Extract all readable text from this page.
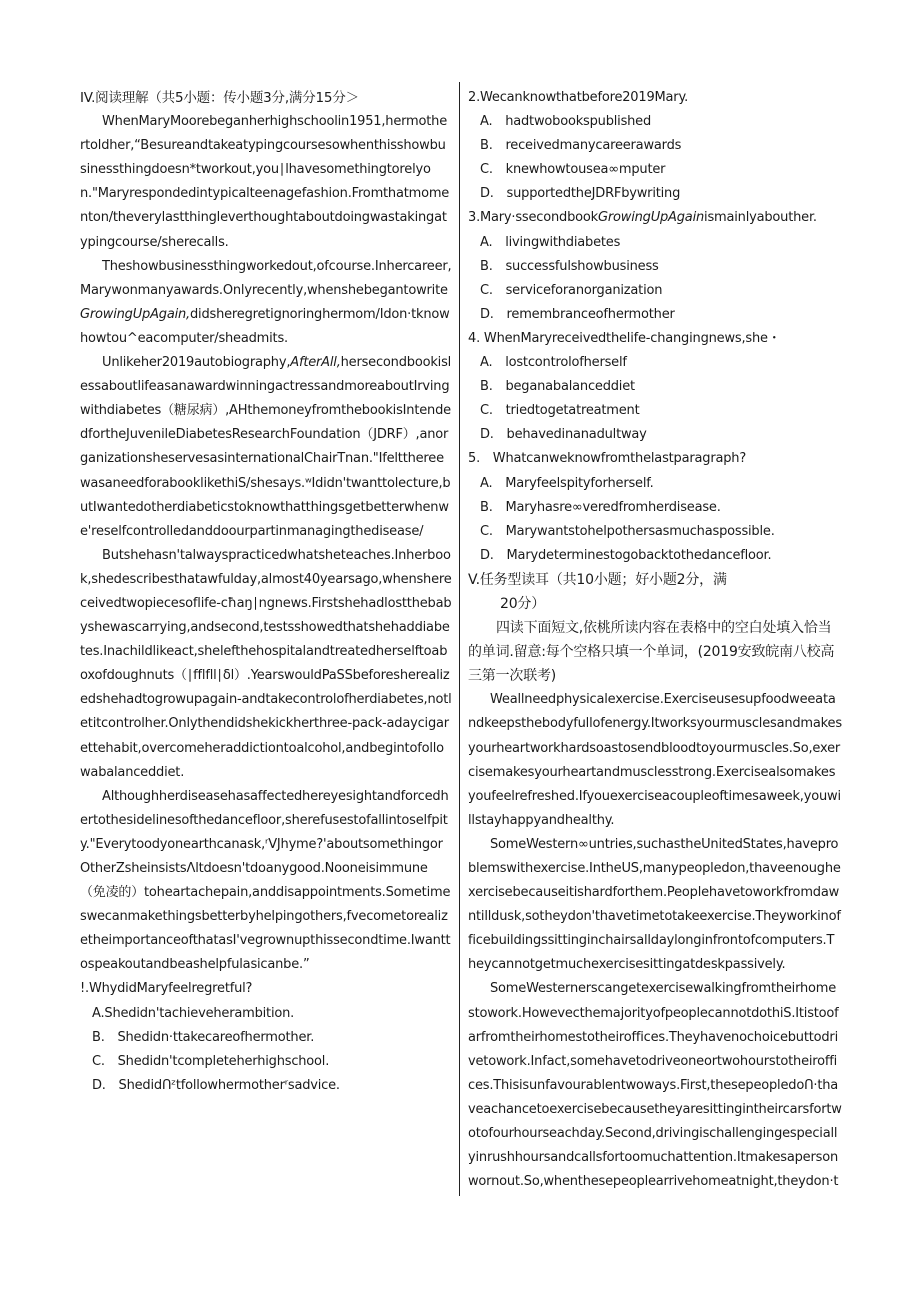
IV.阅读理解（共5小题：传小题3分,满分15分＞

WhenMaryMoorebeganherhighschoolin1951,hermothertoldher,“Besureandtakeatypingcoursesowhenthisshowbusinessthingdoesn*tworkout,you∣lhavesomethingtorelyon."Maryrespondedintypicalteenagefashion.Fromthatmomenton/theverylastthingleverthoughtaboutdoingwastakingatypingcourse/sherecalls.

Theshowbusinessthingworkedout,ofcourse.Inhercareer,Marywonmanyawards.Onlyrecently,whenshebegantowriteGrowingUpAgain,didsheregretignoringhermom/Idon·tknowhowtou^eacomputer/sheadmits.

Unlikeher2019autobiography,AfterAll,hersecondbookislessaboutlifeasanawardwinningactressandmoreaboutIrvingwithdiabetes（糖尿病）,AHthemoneyfromthebookisIntendedfortheJuvenileDiabetesResearchFoundation（JDRF）,anorganizationsheservesasinternationalChairTnan."IfeltthereewasaneedforabooklikethiS/shesays.ʷIdidn'twanttolecture,butIwantedotherdiabeticstoknowthatthingsgetbetterwhenwe'reselfcontrolledanddoourpartinmanagingthedisease/

Butshehasn'talwayspracticedwhatsheteaches.Inherbook,shedescribesthatawfulday,almost40yearsago,whenshereceivedtwopiecesoflife-cħaŋ∣ngnews.Firstshehadlostthebabyshewascarrying,andsecond,testsshowedthatshehaddiabetes.Inachildlikeact,shelefthehospitalandtreatedherselftoaboxofdoughnuts（∣fflfll∣δl）.YearswouldPaSSbeforesherealizedshehadtogrowupagain-andtakecontrolofherdiabetes,notletitcontrolher.Onlythendidshekickherthree-pack-adaycigarettehabit,overcomeheraddictiontoalcohol,andbegintofollowabalanceddiet.

Althoughherdiseasehasaffectedhereyesightandforcedhertothesidelinesofthedancefloor,sherefusestofallintoselfpity."Everytoodyonearthcanask,ʳVJhyme?'aboutsomethingorOtherZsheinsistsΛltdoesn'tdoanygood.Nooneisimmune（免凌的）toheartachepain,anddisappointments.Sometimeswecanmakethingsbetterbyhelpingothers,fvecometorealizetheimportanceofthatasI'vegrownupthissecondtime.Iwanttospeakoutandbeashelpfulasicanbe.”

!.WhydidMaryfeelregretful?

A.Shedidn'tachieveherambition.

B.　Shedidn·ttakecareofhermother.

C.　Shedidn'tcompleteherhighschool.

D.　ShedidՈᶻtfollowhermotherʳsadvice.

2.Wecanknowthatbefore2019Mary.

A.　hadtwobookspublished

B.　receivedmanycareerawards

C.　knewhowtousea∞mputer

D.　supportedtheJDRFbywriting

3.Mary·ssecondbookGrowingUpAgainismainlyabouther.

A.　livingwithdiabetes

B.　successfulshowbusiness

C.　serviceforanorganization

D.　remembranceofhermother

4. WhenMaryreceivedthelife-changingnews,she・

A.　lostcontrolofherself

B.　beganabalanceddiet

C.　triedtogetatreatment

D.　behavedinanadultway

5.　Whatcanweknowfromthelastparagraph?

A.　Maryfeelspityforherself.

B.　Maryhasre∞veredfromherdisease.

C.　Marywantstohelpothersasmuchaspossible.

D.　Marydeterminestogobacktothedancefloor.

V.任务型读耳（共10小题；好小题2分，满

20分）

四读下面短文,依桃所读内容在表格中的空白处填入恰当的单词.留意:每个空格只填一个单词，(2019安致皖南八校高三第一次联考)

Weallneedphysicalexercise.Exerciseusesupfoodweeatandkeepsthebodyfullofenergy.Itworksyourmusclesandmakesyourheartworkhardsoastosendbloodtoyourmuscles.So,exercisemakesyourheartandmusclesstrong.Exercisealsomakesyoufeelrefreshed.Ifyouexerciseacoupleoftimesaweek,youwillstayhappyandhealthy.

SomeWestern∞untries,suchastheUnitedStates,haveproblemswithexercise.IntheUS,manypeopledon,thaveenoughexercisebecauseitishardforthem.Peoplehavetoworkfromdawntilldusk,sotheydon'thavetimetotakeexercise.Theyworkinofficebuildingssittinginchairsalldaylonginfrontofcomputers.Theycannotgetmuchexercisesittingatdeskpassively.

SomeWesternerscangetexercisewalkingfromtheirhomestowork.HowevecthemajorityofpeoplecannotdothiS.Itistoofarfromtheirhomestotheiroffices.Theyhavenochoicebuttodrivetowork.Infact,somehavetodriveoneortwohourstotheiroffices.Thisisunfavourablentwoways.First,thesepeopledoՈ·thaveachancetoexercisebecausetheyaresittingintheircarsfortwotofourhourseachday.Second,drivingischallengingespeciallyinrushhoursandcallsfortoomuchattention.Itmakesapersonwornout.So,whenthesepeoplearrivehomeatnight,theydon·t
